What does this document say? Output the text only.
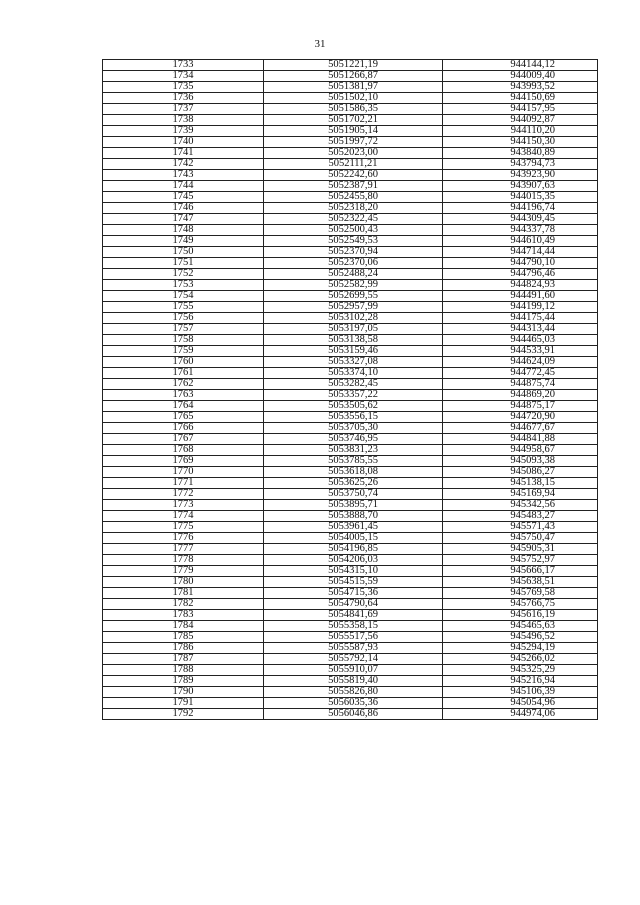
31
1733	5051221,19	944144,12
1734	5051266,87	944009,40
1735	5051381,97	943993,52
1736	5051502,10	944150,69
1737	5051586,35	944157,95
1738	5051702,21	944092,87
1739	5051905,14	944110,20
1740	5051997,72	944150,30
1741	5052023,00	943840,89
1742	5052111,21	943794,73
1743	5052242,60	943923,90
1744	5052387,91	943907,63
1745	5052455,80	944015,35
1746	5052318,20	944196,74
1747	5052322,45	944309,45
1748	5052500,43	944337,78
1749	5052549,53	944610,49
1750	5052370,94	944714,44
1751	5052370,06	944790,10
1752	5052488,24	944796,46
1753	5052582,99	944824,93
1754	5052699,55	944491,60
1755	5052957,99	944199,12
1756	5053102,28	944175,44
1757	5053197,05	944313,44
1758	5053138,58	944465,03
1759	5053159,46	944533,91
1760	5053327,08	944624,09
1761	5053374,10	944772,45
1762	5053282,45	944875,74
1763	5053357,22	944869,20
1764	5053505,62	944875,17
1765	5053556,15	944720,90
1766	5053705,30	944677,67
1767	5053746,95	944841,88
1768	5053831,23	944958,67
1769	5053785,55	945093,38
1770	5053618,08	945086,27
1771	5053625,26	945138,15
1772	5053750,74	945169,94
1773	5053895,71	945342,56
1774	5053888,70	945483,27
1775	5053961,45	945571,43
1776	5054005,15	945750,47
1777	5054196,85	945905,31
1778	5054206,03	945752,97
1779	5054315,10	945666,17
1780	5054515,59	945638,51
1781	5054715,36	945769,58
1782	5054790,64	945766,75
1783	5054841,69	945616,19
1784	5055358,15	945465,63
1785	5055517,56	945496,52
1786	5055587,93	945294,19
1787	5055792,14	945266,02
1788	5055910,07	945325,29
1789	5055819,40	945216,94
1790	5055826,80	945106,39
1791	5056035,36	945054,96
1792	5056046,86	944974,06
